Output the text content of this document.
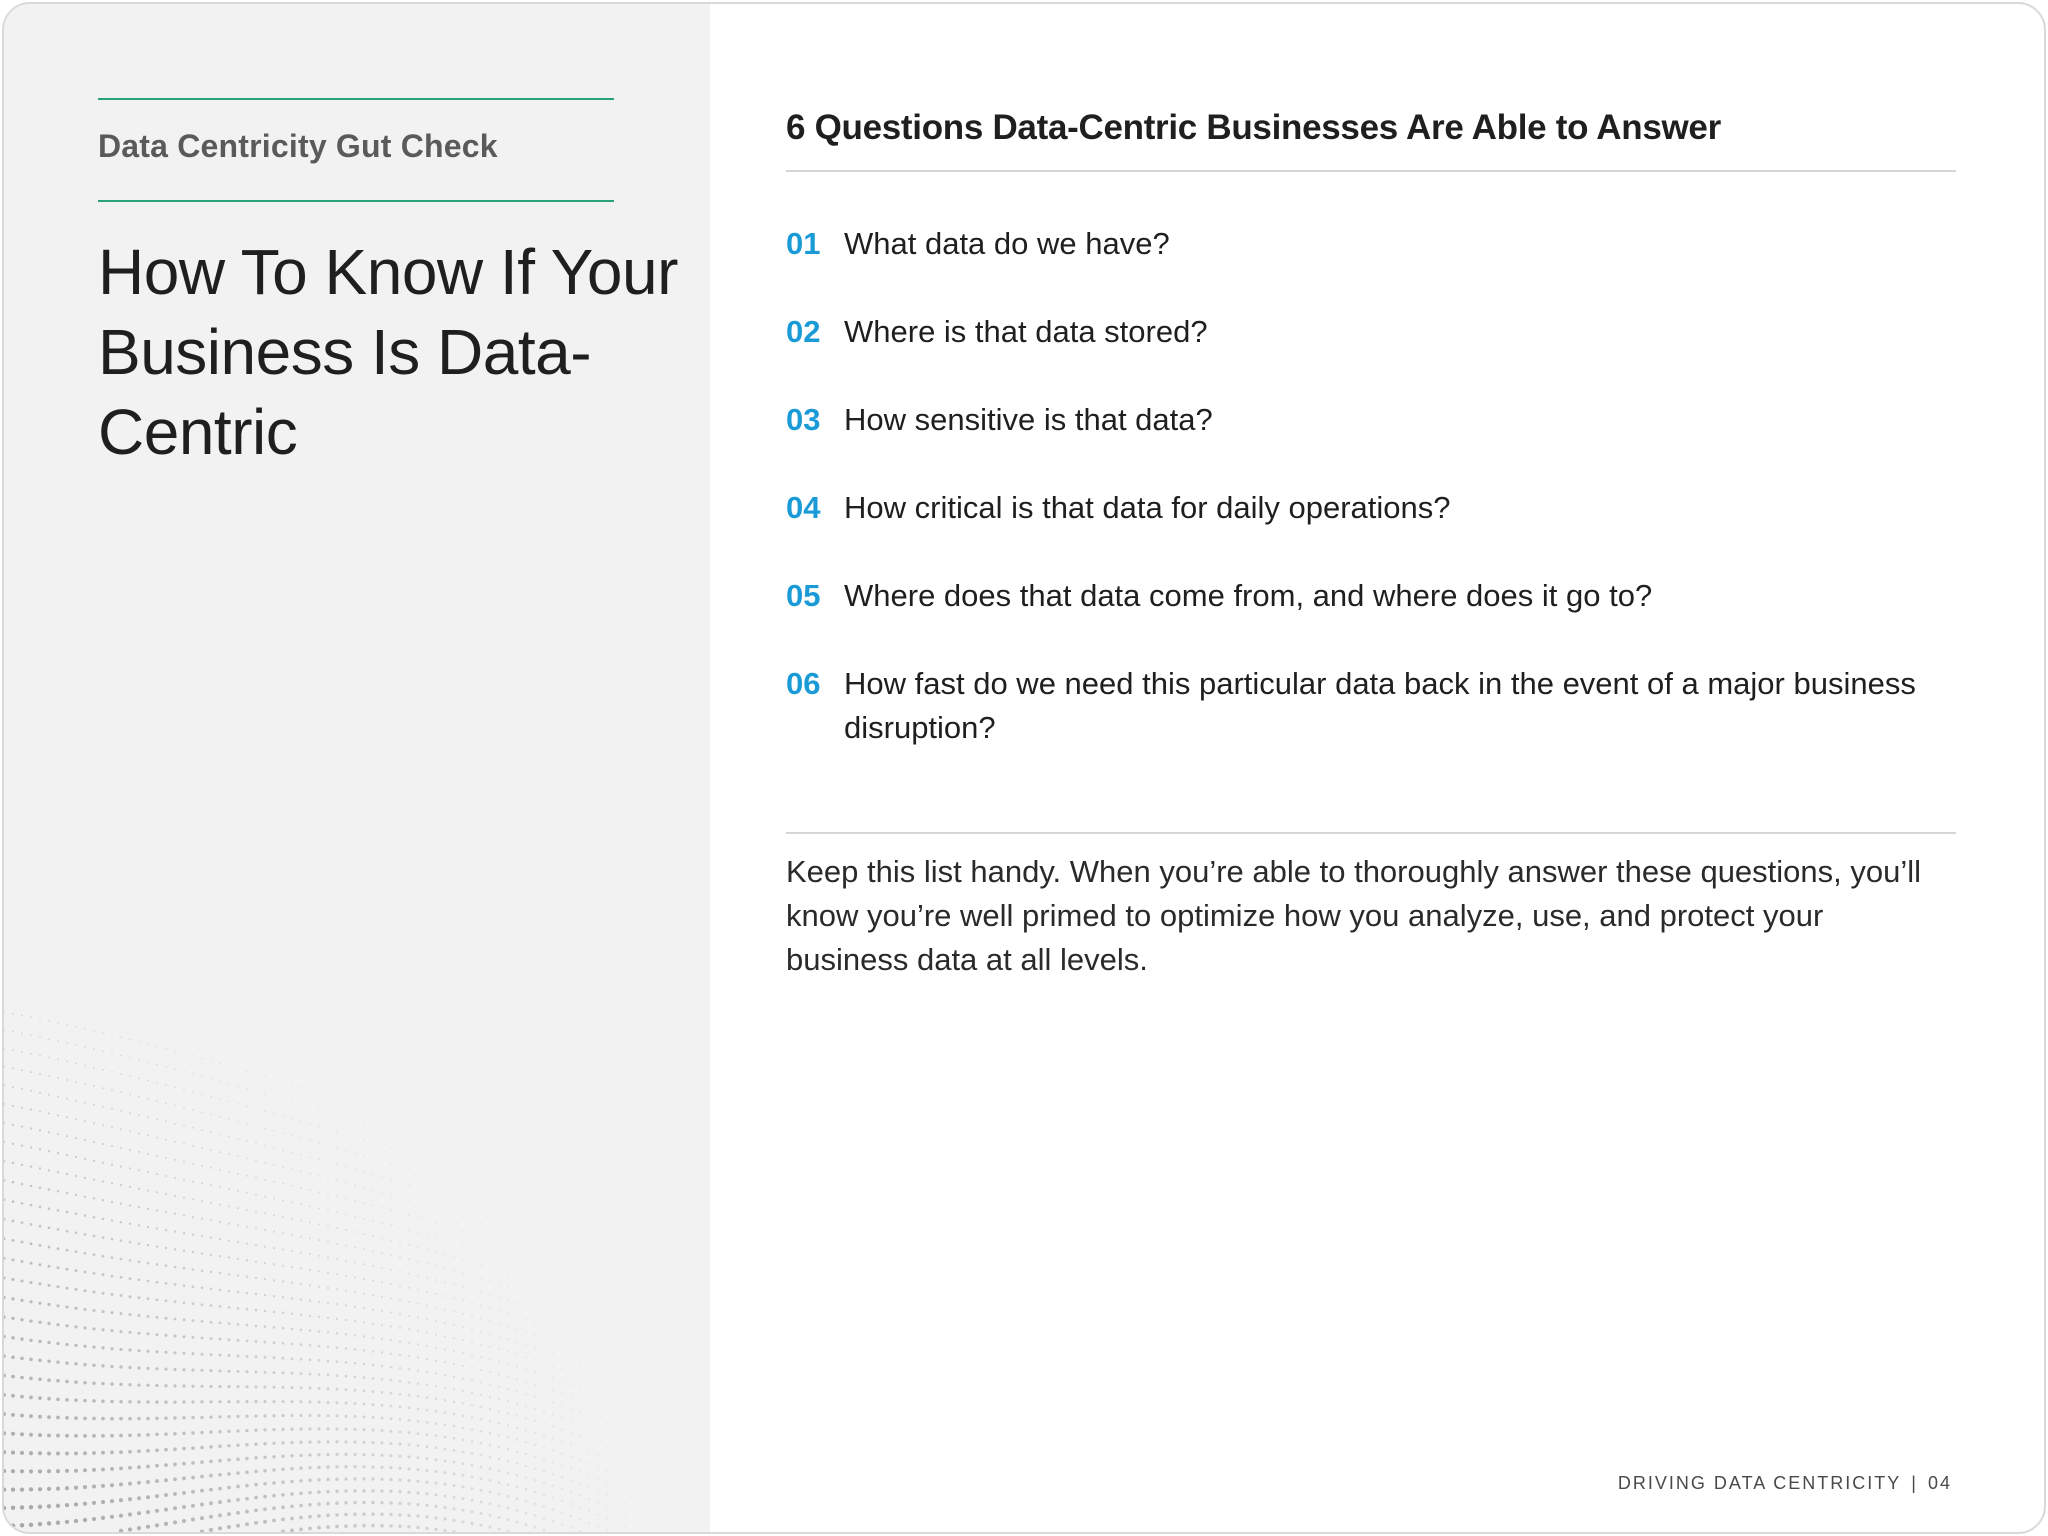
Data Centricity Gut Check
How To Know If Your Business Is Data-Centric
6 Questions Data-Centric Businesses Are Able to Answer
01 What data do we have?
02 Where is that data stored?
03 How sensitive is that data?
04 How critical is that data for daily operations?
05 Where does that data come from, and where does it go to?
06 How fast do we need this particular data back in the event of a major business disruption?
Keep this list handy. When you’re able to thoroughly answer these questions, you’ll know you’re well primed to optimize how you analyze, use, and protect your business data at all levels.
DRIVING DATA CENTRICITY | 04
